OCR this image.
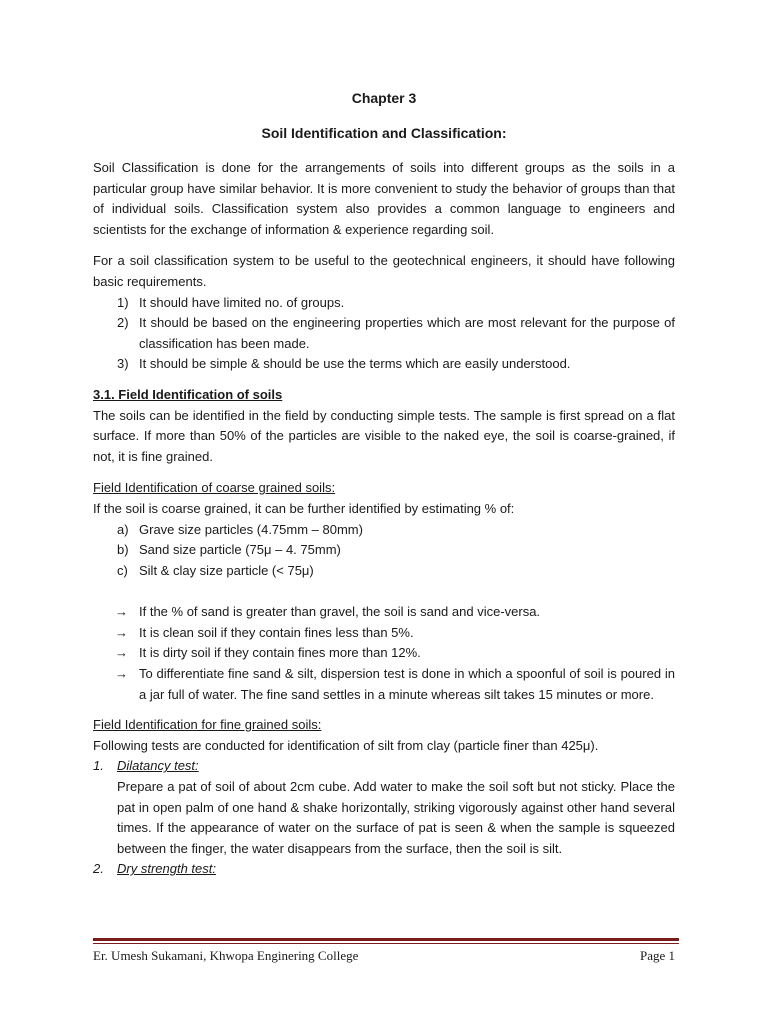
Chapter 3
Soil Identification and Classification:

Soil Classification is done for the arrangements of soils into different groups as the soils in a particular group have similar behavior. It is more convenient to study the behavior of groups than that of individual soils. Classification system also provides a common language to engineers and scientists for the exchange of information & experience regarding soil.

For a soil classification system to be useful to the geotechnical engineers, it should have following basic requirements.

1) It should have limited no. of groups.
2) It should be based on the engineering properties which are most relevant for the purpose of classification has been made.
3) It should be simple & should be use the terms which are easily understood.

3.1. Field Identification of soils

The soils can be identified in the field by conducting simple tests. The sample is first spread on a flat surface. If more than 50% of the particles are visible to the naked eye, the soil is coarse-grained, if not, it is fine grained.

Field Identification of coarse grained soils:

If the soil is coarse grained, it can be further identified by estimating % of:

a) Grave size particles (4.75mm – 80mm)
b) Sand size particle (75μ – 4. 75mm)
c) Silt & clay size particle (< 75μ)
→ If the % of sand is greater than gravel, the soil is sand and vice-versa.
→ It is clean soil if they contain fines less than 5%.
→ It is dirty soil if they contain fines more than 12%.
→ To differentiate fine sand & silt, dispersion test is done in which a spoonful of soil is poured in a jar full of water. The fine sand settles in a minute whereas silt takes 15 minutes or more.

Field Identification for fine grained soils:

Following tests are conducted for identification of silt from clay (particle finer than 425μ).

1. Dilatancy test:
Prepare a pat of soil of about 2cm cube. Add water to make the soil soft but not sticky. Place the pat in open palm of one hand & shake horizontally, striking vigorously against other hand several times. If the appearance of water on the surface of pat is seen & when the sample is squeezed between the finger, the water disappears from the surface, then the soil is silt.
2. Dry strength test:
Er. Umesh Sukamani, Khwopa Enginering College	Page 1
